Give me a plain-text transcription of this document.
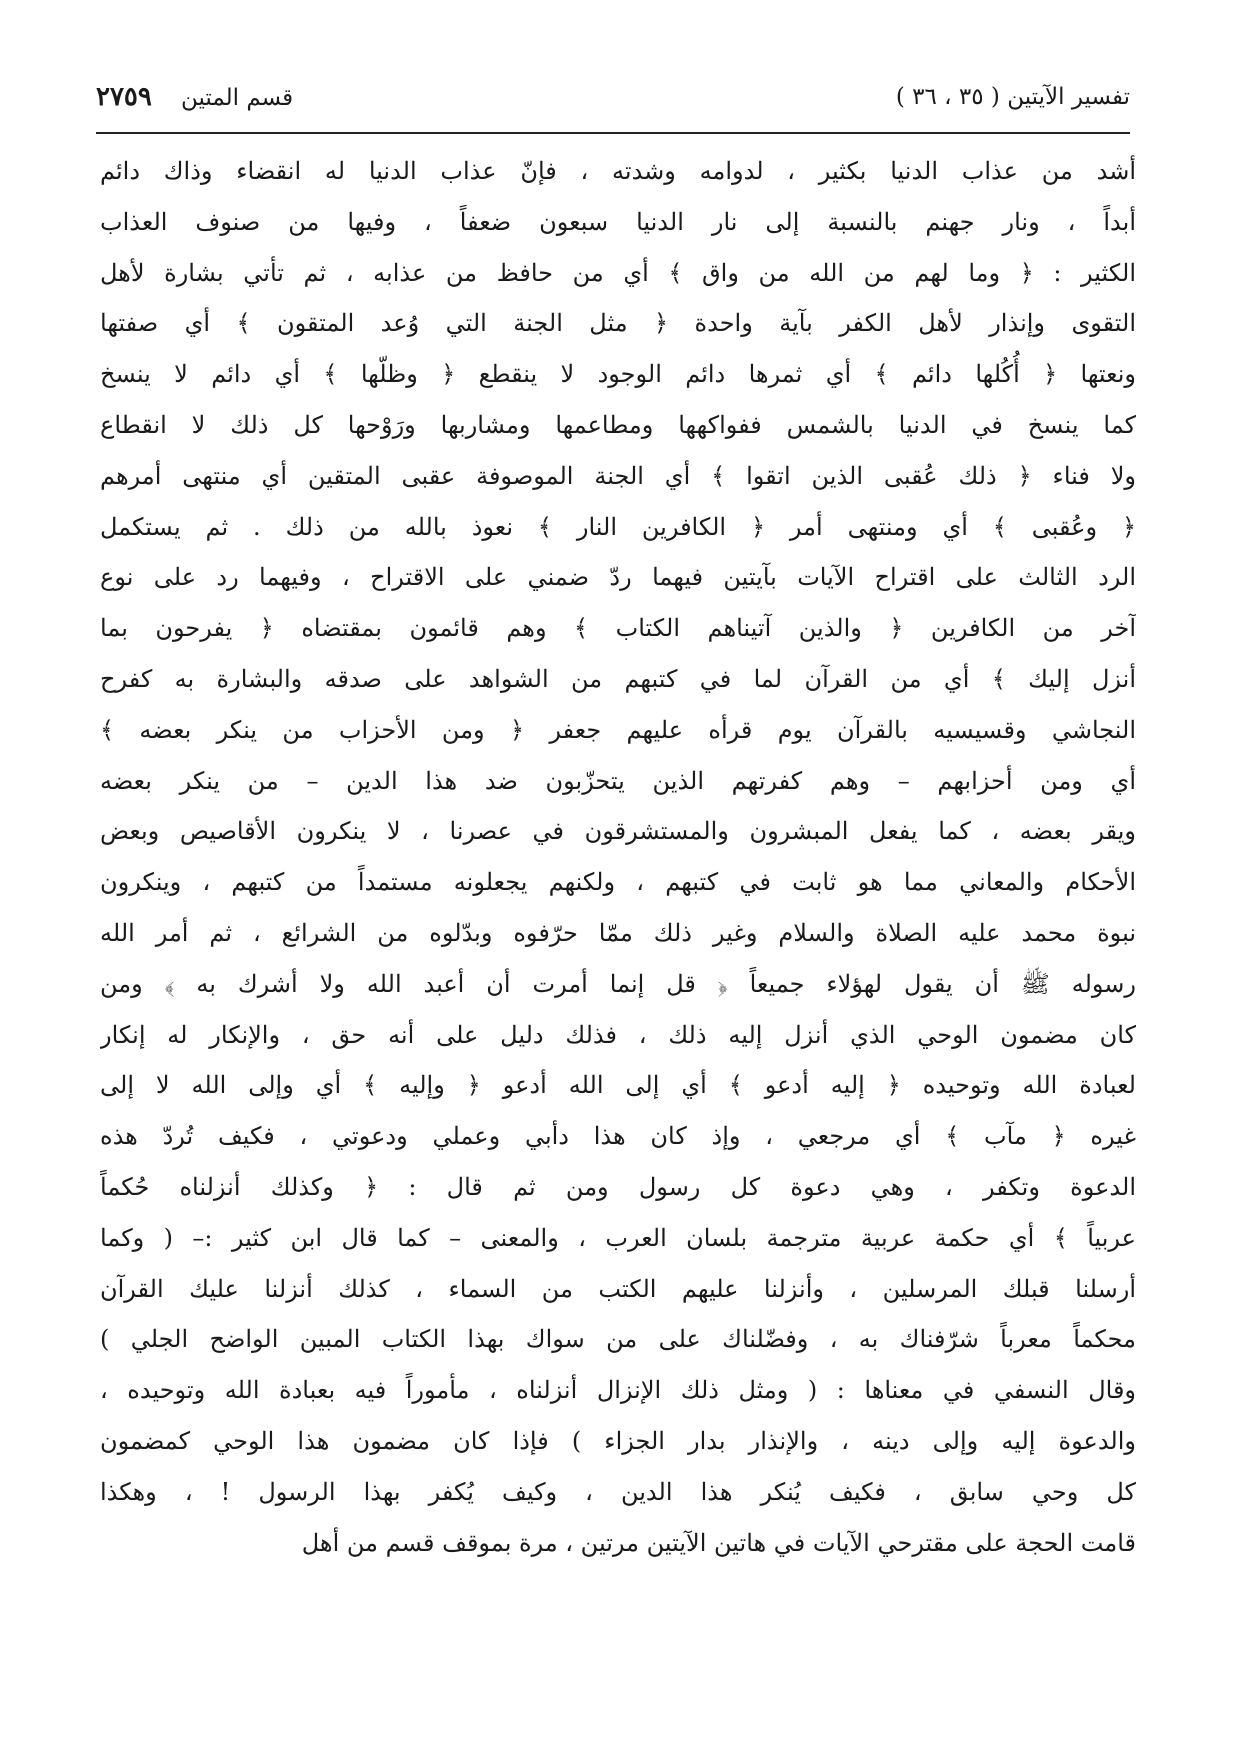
تفسير الآيتين ( ٣٥ ، ٣٦ )
قسم المتين ٢٧٥٩
أشد من عذاب الدنيا بكثير ، لدوامه وشدته ، فإنّ عذاب الدنيا له انقضاء وذاك دائم
أبداً ، ونار جهنم بالنسبة إلى نار الدنيا سبعون ضعفاً ، وفيها من صنوف العذاب
الكثير : ﴿ وما لهم من الله من واق ﴾ أي من حافظ من عذابه ، ثم تأتي بشارة لأهل
التقوى وإنذار لأهل الكفر بآية واحدة ﴿ مثل الجنة التي وُعد المتقون ﴾ أي صفتها
ونعتها ﴿ أُكُلها دائم ﴾ أي ثمرها دائم الوجود لا ينقطع ﴿ وظلّها ﴾ أي دائم لا ينسخ
كما ينسخ في الدنيا بالشمس ففواكهها ومطاعمها ومشاربها ورَوْحها كل ذلك لا انقطاع
ولا فناء ﴿ ذلك عُقبى الذين اتقوا ﴾ أي الجنة الموصوفة عقبى المتقين أي منتهى أمرهم
﴿ وعُقبى ﴾ أي ومنتهى أمر ﴿ الكافرين النار ﴾ نعوذ بالله من ذلك . ثم يستكمل
الرد الثالث على اقتراح الآيات بآيتين فيهما ردّ ضمني على الاقتراح ، وفيهما رد على نوع
آخر من الكافرين ﴿ والذين آتيناهم الكتاب ﴾ وهم قائمون بمقتضاه ﴿ يفرحون بما
أنزل إليك ﴾ أي من القرآن لما في كتبهم من الشواهد على صدقه والبشارة به كفرح
النجاشي وقسيسيه بالقرآن يوم قرأه عليهم جعفر ﴿ ومن الأحزاب من ينكر بعضه ﴾
أي ومن أحزابهم – وهم كفرتهم الذين يتحزّبون ضد هذا الدين – من ينكر بعضه
ويقر بعضه ، كما يفعل المبشرون والمستشرقون في عصرنا ، لا ينكرون الأقاصيص وبعض
الأحكام والمعاني مما هو ثابت في كتبهم ، ولكنهم يجعلونه مستمداً من كتبهم ، وينكرون
نبوة محمد عليه الصلاة والسلام وغير ذلك ممّا حرّفوه وبدّلوه من الشرائع ، ثم أمر الله
رسوله ﷺ أن يقول لهؤلاء جميعاً ﴿ قل إنما أمرت أن أعبد الله ولا أشرك به ﴾ ومن
كان مضمون الوحي الذي أنزل إليه ذلك ، فذلك دليل على أنه حق ، والإنكار له إنكار
لعبادة الله وتوحيده ﴿ إليه أدعو ﴾ أي إلى الله أدعو ﴿ وإليه ﴾ أي وإلى الله لا إلى
غيره ﴿ مآب ﴾ أي مرجعي ، وإذ كان هذا دأبي وعملي ودعوتي ، فكيف تُردّ هذه
الدعوة وتكفر ، وهي دعوة كل رسول ومن ثم قال : ﴿ وكذلك أنزلناه حُكماً
عربياً ﴾ أي حكمة عربية مترجمة بلسان العرب ، والمعنى – كما قال ابن كثير :– ( وكما
أرسلنا قبلك المرسلين ، وأنزلنا عليهم الكتب من السماء ، كذلك أنزلنا عليك القرآن
محكماً معرباً شرّفناك به ، وفضّلناك على من سواك بهذا الكتاب المبين الواضح الجلي )
وقال النسفي في معناها : ( ومثل ذلك الإنزال أنزلناه ، مأموراً فيه بعبادة الله وتوحيده ،
والدعوة إليه وإلى دينه ، والإنذار بدار الجزاء ) فإذا كان مضمون هذا الوحي كمضمون
كل وحي سابق ، فكيف يُنكر هذا الدين ، وكيف يُكفر بهذا الرسول ! ، وهكذا
قامت الحجة على مقترحي الآيات في هاتين الآيتين مرتين ، مرة بموقف قسم من أهل
